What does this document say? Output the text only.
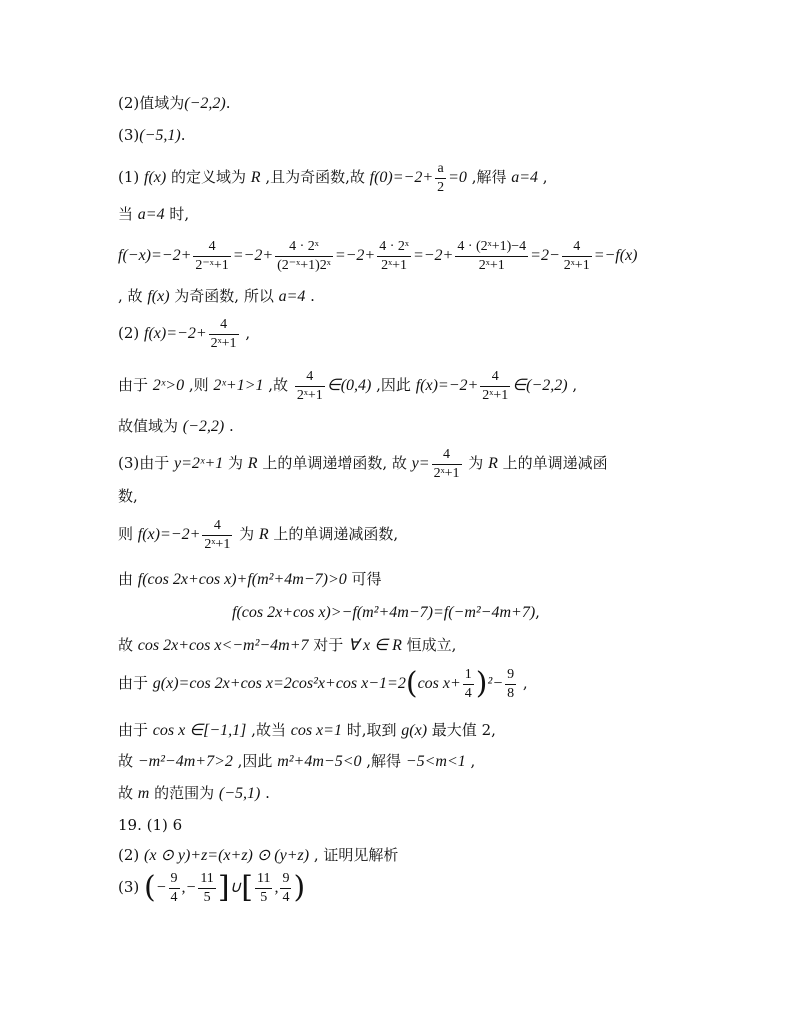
(2)值域为(−2,2).
(3)(−5,1).
(1) f(x) 的定义域为 R ,且为奇函数,故 $f(0)=-2+ \frac{a}{2} =0$ ,解得 a=4 ,
当 a=4 时,
$f(-x)=-2+ \frac{4}{\text{2⁻ˣ+1}} =-2+ \frac{\text{4 · 2ˣ}}{\text{(2⁻ˣ+1)2ˣ}} =-2+ \frac{\text{4 · 2ˣ}}{\text{2ˣ+1}} =-2+ \frac{\text{4 · (2ˣ+1)−4}}{\text{2ˣ+1}} =2- \frac{4}{\text{2ˣ+1}} =-f(x)$
, 故 f(x) 为奇函数, 所以 a=4 .
(2) $f(x)=-2+ \frac{4}{\text{2ˣ+1}}$ ,
由于 2ˣ>0 ,则 2ˣ+1>1 ,故 $\frac{4}{\text{2ˣ+1}}$ ∈(0,4) ,因此 $f(x)=-2+ \frac{4}{\text{2ˣ+1}}$ ∈(−2,2) ,
故值域为 (−2,2) .
(3)由于 y=2ˣ+1 为 R 上的单调递增函数, 故 $y= \frac{4}{\text{2ˣ+1}}$ 为 R 上的单调递减函
数,
则 $f(x)=-2+ \frac{4}{\text{2ˣ+1}}$ 为 R 上的单调递减函数,
由 f(cos 2x+cos x)+f(m²+4m−7)>0 可得
f(cos 2x+cos x)>−f(m²+4m−7)=f(−m²−4m+7),
故 cos 2x+cos x<−m²−4m+7 对于 ∀ x ∈ R 恒成立,
由于 g(x)=cos 2x+cos x=2cos²x+cos x−1=2(cos $x+ \frac{1}{4} )^2- \frac{9}{8}$ ,
由于 cos x ∈[−1,1] ,故当 cos x=1 时,取到 g(x) 最大值 2,
故 −m²−4m+7>2 ,因此 m²+4m−5<0 ,解得 −5<m<1 ,
故 m 的范围为 (−5,1) .
19. (1) 6
(2) (x ⊙ y)+z=(x+z) ⊙ (y+z) , 证明见解析
(3) (− $\frac{9}{4}$ ,− $\frac{11}{5}$ ]∪[ $\frac{11}{5}$ , $\frac{9}{4}$ )
